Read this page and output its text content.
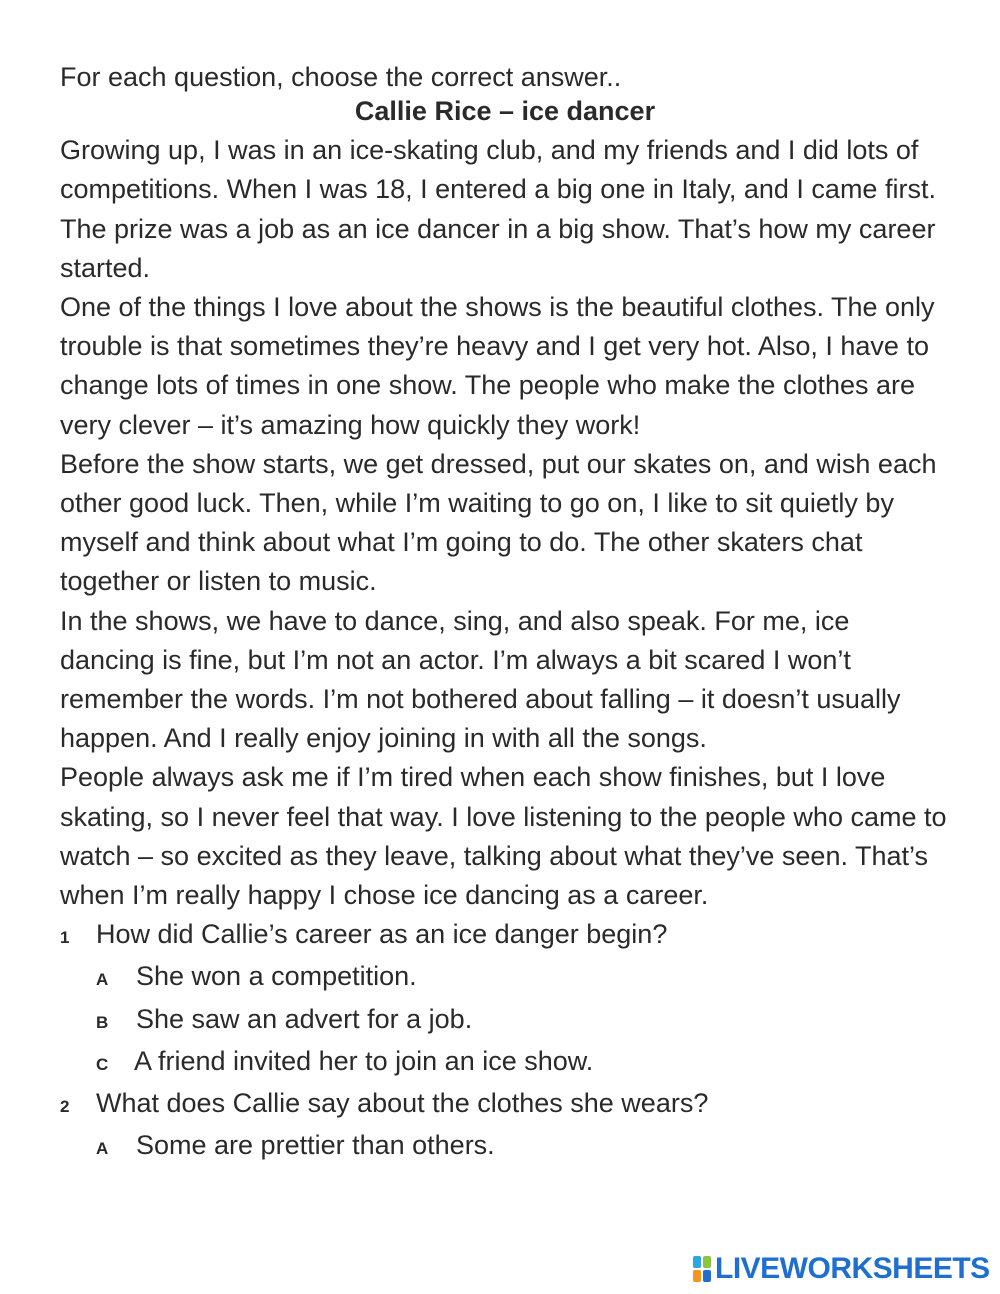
For each question, choose the correct answer..
Callie Rice – ice dancer

Growing up, I was in an ice-skating club, and my friends and I did lots of competitions. When I was 18, I entered a big one in Italy, and I came first. The prize was a job as an ice dancer in a big show. That’s how my career started.

One of the things I love about the shows is the beautiful clothes. The only trouble is that sometimes they’re heavy and I get very hot. Also, I have to change lots of times in one show. The people who make the clothes are very clever – it’s amazing how quickly they work!

Before the show starts, we get dressed, put our skates on, and wish each other good luck. Then, while I’m waiting to go on, I like to sit quietly by myself and think about what I’m going to do. The other skaters chat together or listen to music.

In the shows, we have to dance, sing, and also speak. For me, ice dancing is fine, but I’m not an actor. I’m always a bit scared I won’t remember the words. I’m not bothered about falling – it doesn’t usually happen. And I really enjoy joining in with all the songs.

People always ask me if I’m tired when each show finishes, but I love skating, so I never feel that way. I love listening to the people who came to watch – so excited as they leave, talking about what they’ve seen. That’s when I’m really happy I chose ice dancing as a career.

1 How did Callie’s career as an ice danger begin?
A	She won a competition.
B	She saw an advert for a job.
C A friend invited her to join an ice show.
2 What does Callie say about the clothes she wears?
A	Some are prettier than others.
LIVEWORKSHEETS
